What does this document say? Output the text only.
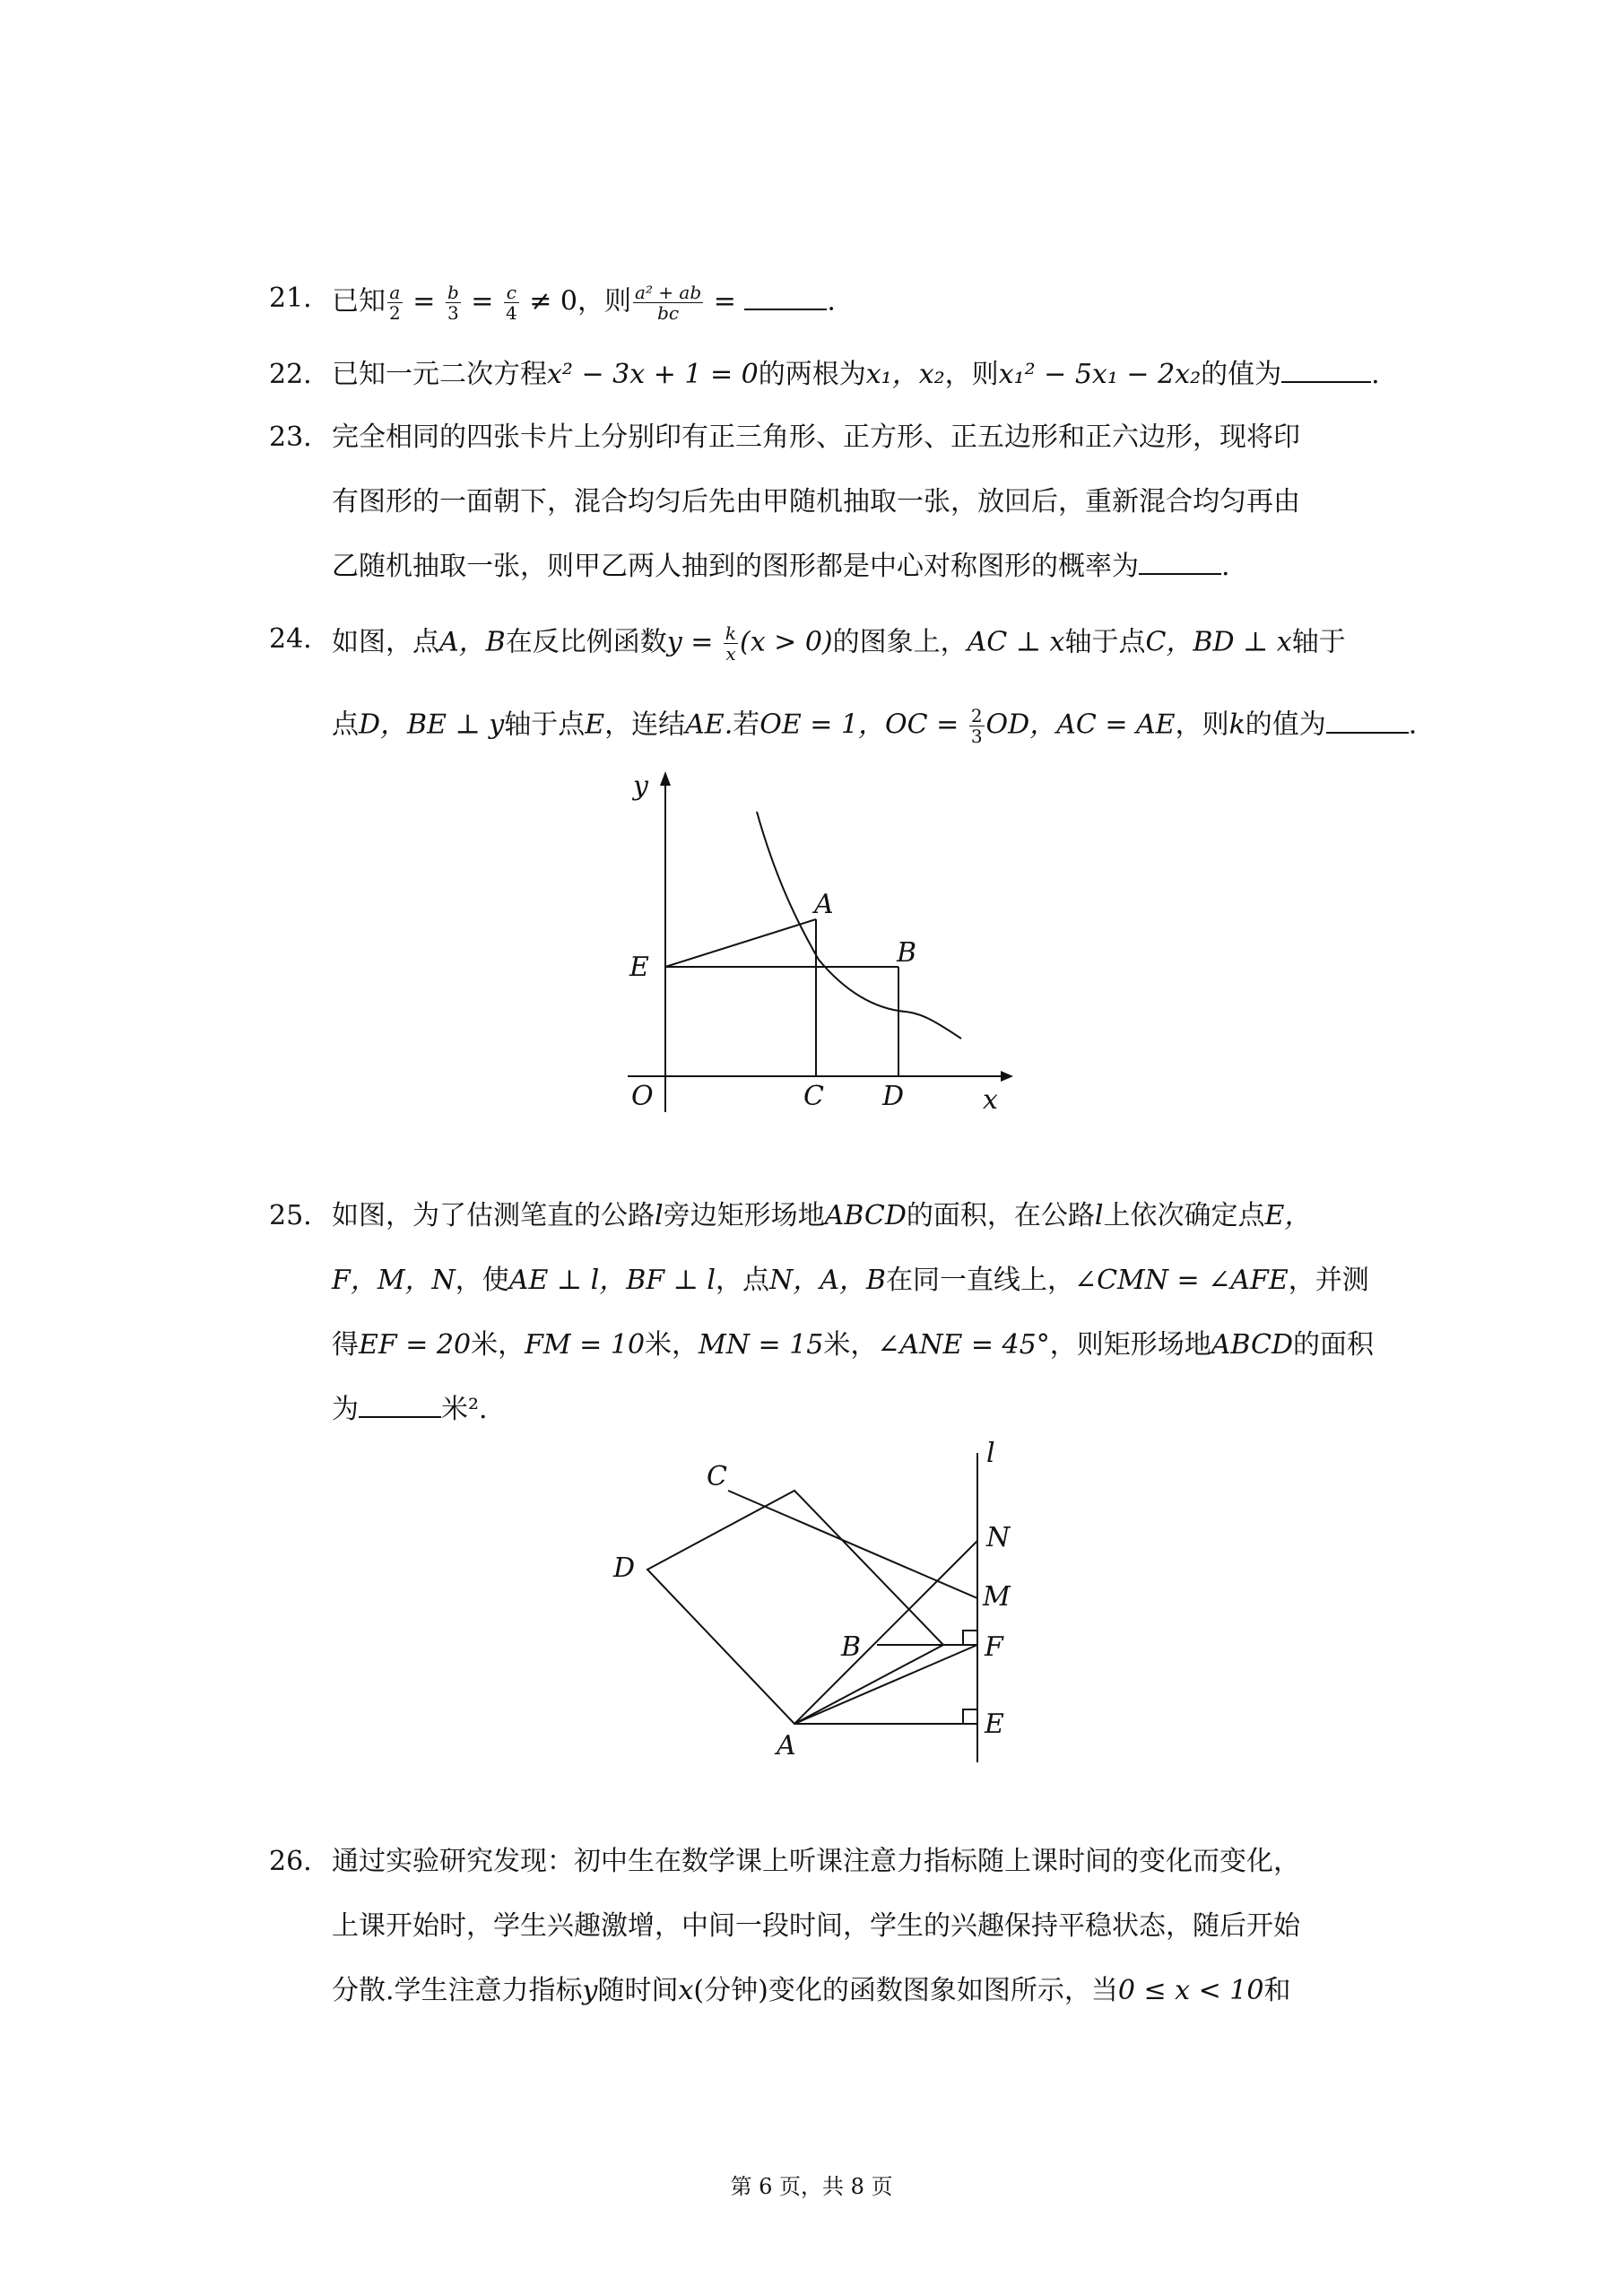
21. 已知 $\frac{a}{2} = \frac{b}{3} = \frac{c}{4} \ne 0$，则 $\frac{\text{a² + ab}}{bc}$ =	.
22. 已知一元二次方程x² − 3x + 1 = 0的两根为x₁，x₂，则x₁² − 5x₁ − 2x₂的值为	.
23. 完全相同的四张卡片上分别印有正三角形、正方形、正五边形和正六边形，现将印
有图形的一面朝下，混合均匀后先由甲随机抽取一张，放回后，重新混合均匀再由
乙随机抽取一张，则甲乙两人抽到的图形都是中心对称图形的概率为	.
24. 如图，点A，B在反比例函数$y = \frac{k}{x} (x > 0)$的图象上，AC ⊥ x轴于点C，BD ⊥ x轴于
点D，BE ⊥ y轴于点E，连结AE.若OE = 1，OC = $\frac{2}{3}$ OD，AC = AE，则k的值为	.
y
x
O	C D
E
A
B
25. 如图，为了估测笔直的公路l旁边矩形场地ABCD的面积，在公路l上依次确定点E，
F，M，N，使AE ⊥ l，BF ⊥ l，点N，A，B在同一直线上，∠CMN = ∠AFE，并测
得EF = 20米，FM = 10米，MN = 15米，∠ANE = 45°，则矩形场地ABCD的面积
为	米².
l
C
D
N
M
B	F
A
E
26. 通过实验研究发现：初中生在数学课上听课注意力指标随上课时间的变化而变化，
上课开始时，学生兴趣激增，中间一段时间，学生的兴趣保持平稳状态，随后开始
分散.学生注意力指标y随时间x(分钟)变化的函数图象如图所示，当0 ≤ x < 10和
第 6 页，共 8 页
